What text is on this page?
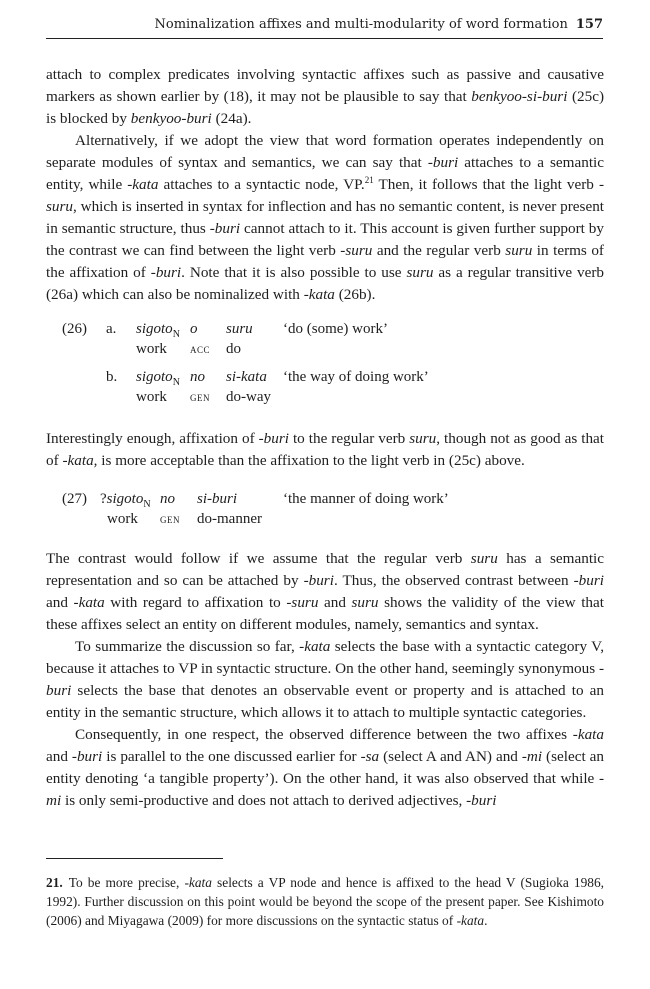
Nominalization affixes and multi-modularity of word formation 157

attach to complex predicates involving syntactic affixes such as passive and causative markers as shown earlier by (18), it may not be plausible to say that benkyoo-si-buri (25c) is blocked by benkyoo-buri (24a).

Alternatively, if we adopt the view that word formation operates independently on separate modules of syntax and semantics, we can say that -buri attaches to a semantic entity, while -kata attaches to a syntactic node, VP.$^{21}$ Then, it follows that the light verb -suru, which is inserted in syntax for inflection and has no semantic content, is never present in semantic structure, thus -buri cannot attach to it. This account is given further support by the contrast we can find between the light verb -suru and the regular verb suru in terms of the affixation of -buri. Note that it is also possible to use suru as a regular transitive verb (26a) which can also be nominalized with -kata (26b).

(26) a. sigoto$_N$ o suru ‘do (some) work’
work acc do
b. sigoto$_N$ no si-kata ‘the way of doing work’
work gen do-way

Interestingly enough, affixation of -buri to the regular verb suru, though not as good as that of -kata, is more acceptable than the affixation to the light verb in (25c) above.

(27) ?sigoto$_N$ no si-buri	‘the manner of doing work’
work gen do-manner

The contrast would follow if we assume that the regular verb suru has a semantic representation and so can be attached by -buri. Thus, the observed contrast between -buri and -kata with regard to affixation to -suru and suru shows the validity of the view that these affixes select an entity on different modules, namely, semantics and syntax.

To summarize the discussion so far, -kata selects the base with a syntactic category V, because it attaches to VP in syntactic structure. On the other hand, seemingly synonymous -buri selects the base that denotes an observable event or property and is attached to an entity in the semantic structure, which allows it to attach to multiple syntactic categories.

Consequently, in one respect, the observed difference between the two affixes -kata and -buri is parallel to the one discussed earlier for -sa (select A and AN) and -mi (select an entity denoting ‘a tangible property’). On the other hand, it was also observed that while -mi is only semi-productive and does not attach to derived adjectives, -buri

21. To be more precise, -kata selects a VP node and hence is affixed to the head V (Sugioka 1986, 1992). Further discussion on this point would be beyond the scope of the present paper. See Kishimoto (2006) and Miyagawa (2009) for more discussions on the syntactic status of -kata.
